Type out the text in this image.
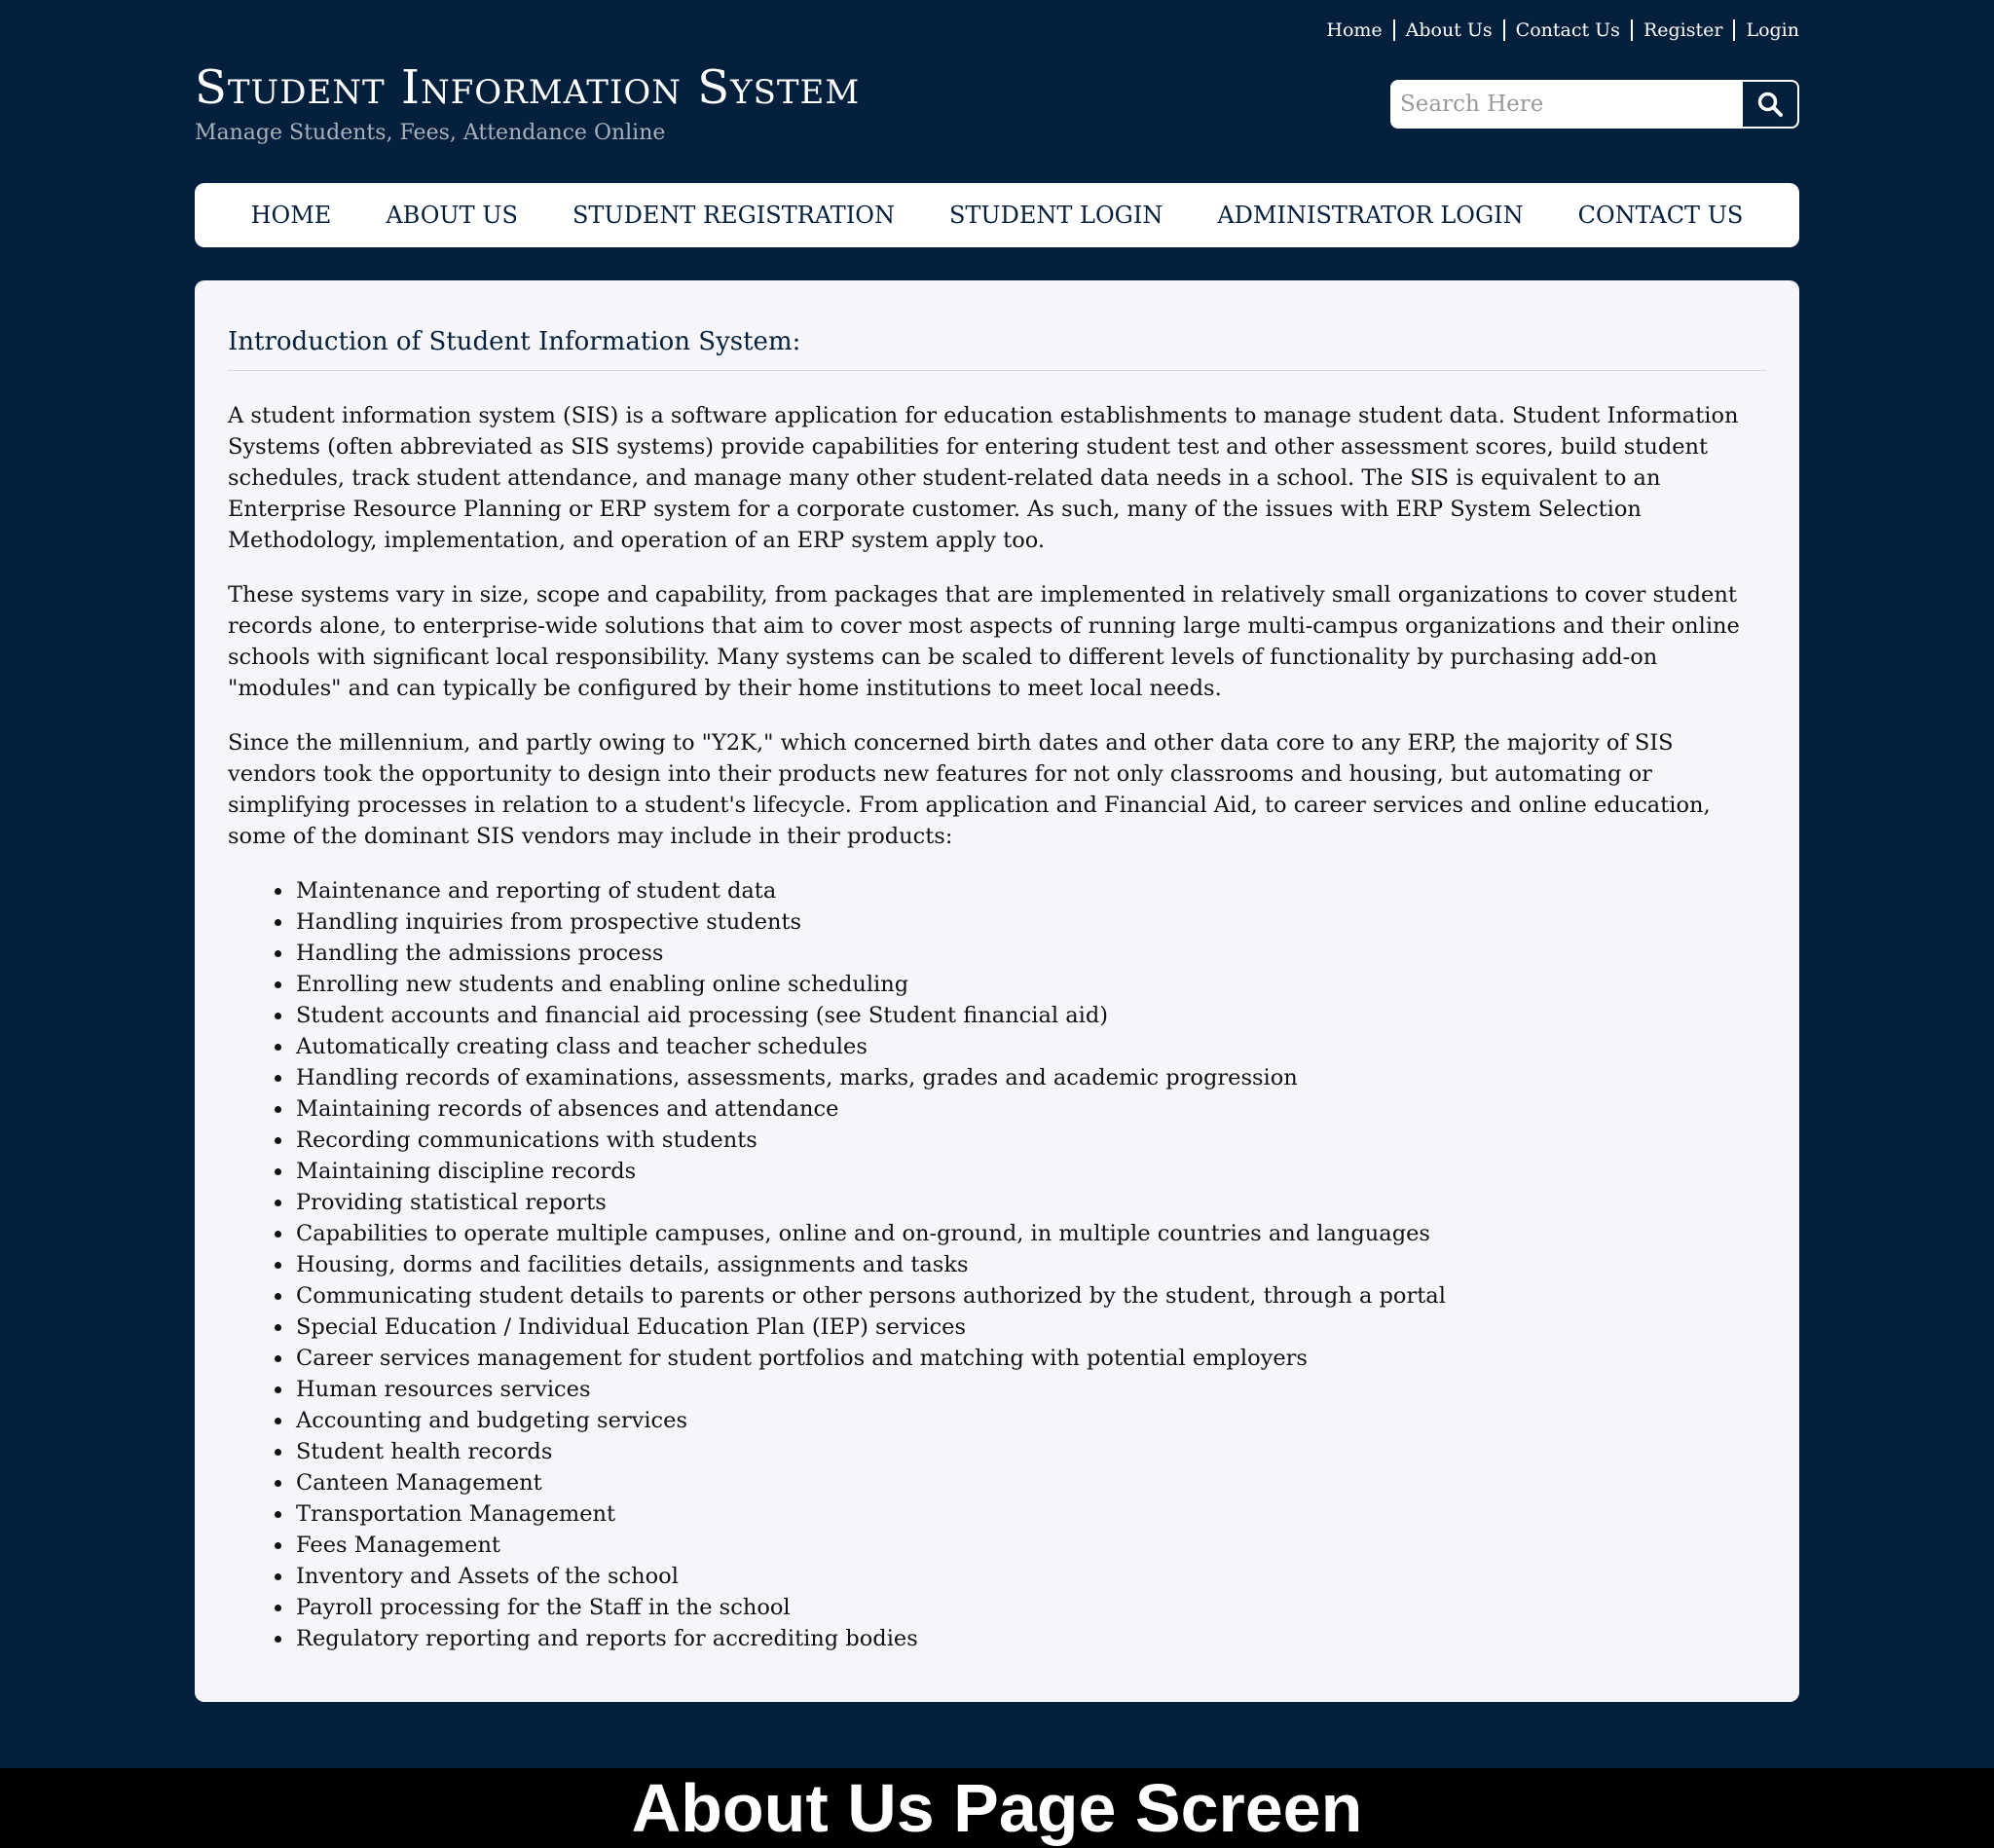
Home	About Us	Contact Us	Register	Login
Student Information System
Manage Students, Fees, Attendance Online
Search Here
HOME	ABOUT US	STUDENT REGISTRATION	STUDENT LOGIN	ADMINISTRATOR LOGIN	CONTACT US
Introduction of Student Information System:

A student information system (SIS) is a software application for education establishments to manage student data. Student Information Systems (often abbreviated as SIS systems) provide capabilities for entering student test and other assessment scores, build student schedules, track student attendance, and manage many other student-related data needs in a school. The SIS is equivalent to an Enterprise Resource Planning or ERP system for a corporate customer. As such, many of the issues with ERP System Selection Methodology, implementation, and operation of an ERP system apply too.

These systems vary in size, scope and capability, from packages that are implemented in relatively small organizations to cover student records alone, to enterprise-wide solutions that aim to cover most aspects of running large multi-campus organizations and their online schools with significant local responsibility. Many systems can be scaled to different levels of functionality by purchasing add-on "modules" and can typically be configured by their home institutions to meet local needs.

Since the millennium, and partly owing to "Y2K," which concerned birth dates and other data core to any ERP, the majority of SIS vendors took the opportunity to design into their products new features for not only classrooms and housing, but automating or simplifying processes in relation to a student's lifecycle. From application and Financial Aid, to career services and online education, some of the dominant SIS vendors may include in their products:

• Maintenance and reporting of student data
• Handling inquiries from prospective students
• Handling the admissions process
• Enrolling new students and enabling online scheduling
• Student accounts and financial aid processing (see Student financial aid)
• Automatically creating class and teacher schedules
• Handling records of examinations, assessments, marks, grades and academic progression
• Maintaining records of absences and attendance
• Recording communications with students
• Maintaining discipline records
• Providing statistical reports
• Capabilities to operate multiple campuses, online and on-ground, in multiple countries and languages
• Housing, dorms and facilities details, assignments and tasks
• Communicating student details to parents or other persons authorized by the student, through a portal
• Special Education / Individual Education Plan (IEP) services
• Career services management for student portfolios and matching with potential employers
• Human resources services
• Accounting and budgeting services
• Student health records
• Canteen Management
• Transportation Management
• Fees Management
• Inventory and Assets of the school
• Payroll processing for the Staff in the school
• Regulatory reporting and reports for accrediting bodies
About Us Page Screen
